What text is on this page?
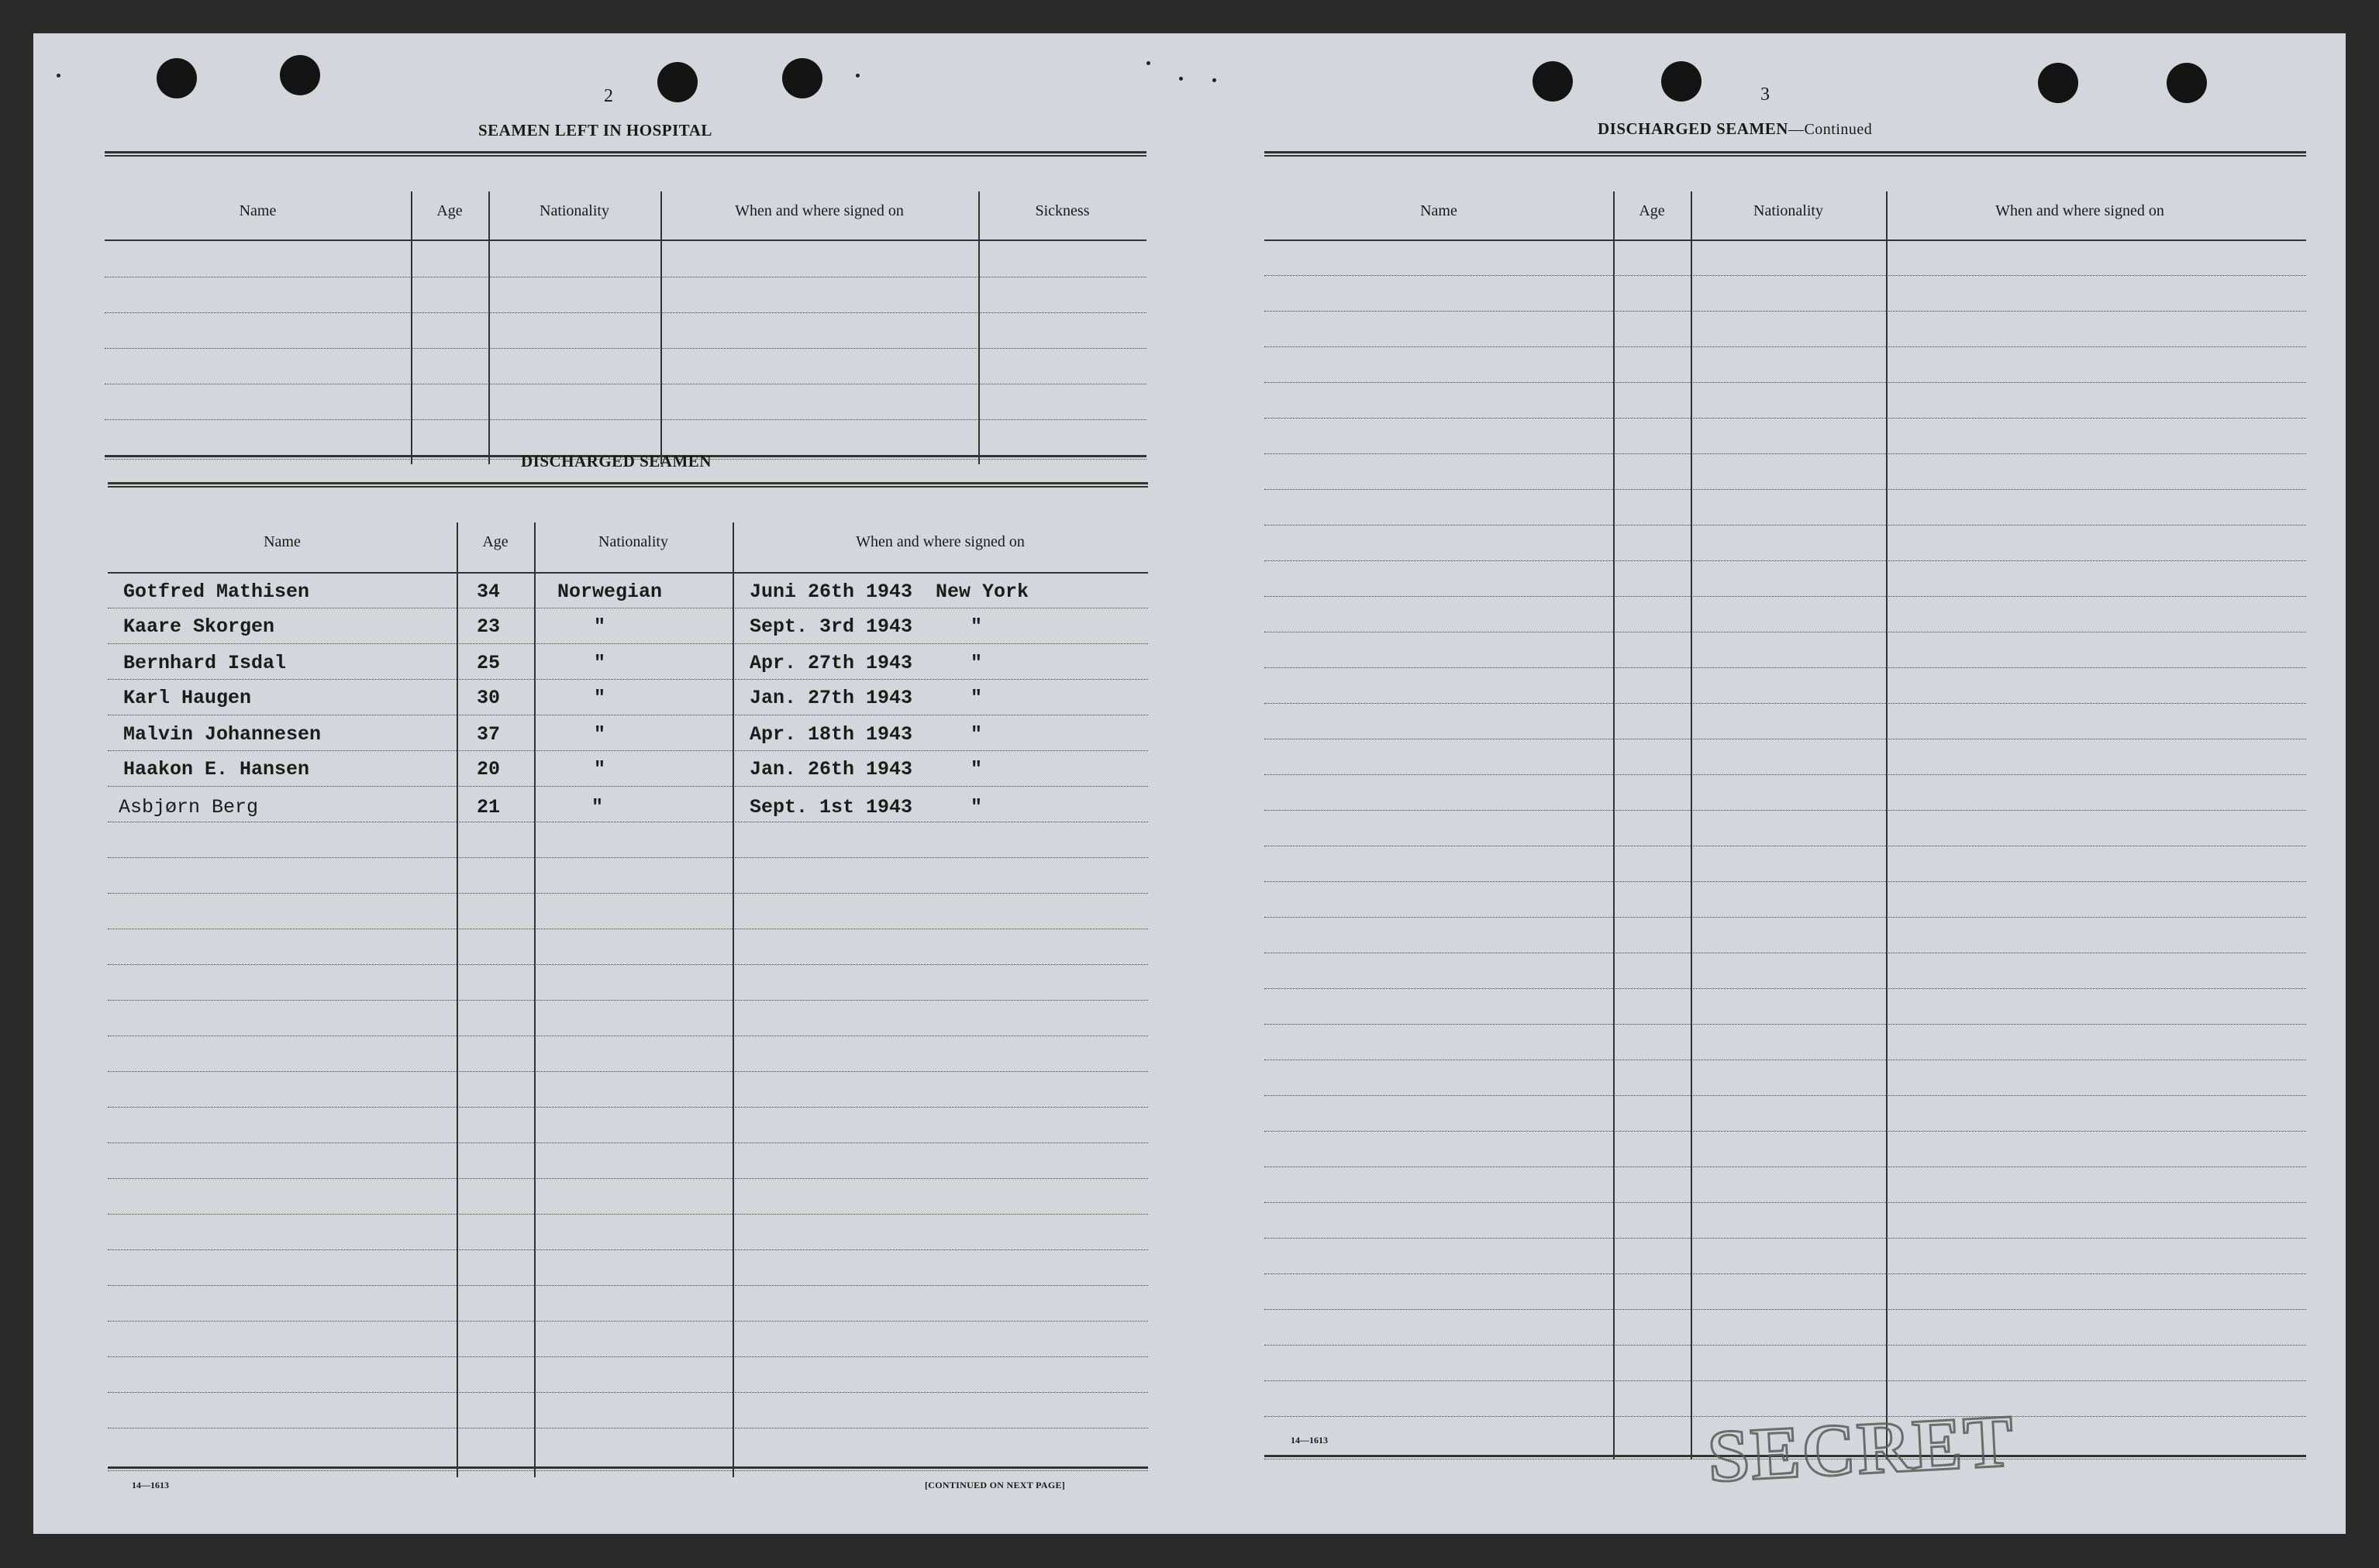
2
SEAMEN LEFT IN HOSPITAL
Name	Age	Nationality	When and where signed on	Sickness
DISCHARGED SEAMEN
Name	Age	Nationality	When and where signed on
Gotfred Mathisen	34	Norwegian	Juni 26th 1943  New York
Kaare Skorgen	23	"	Sept. 3rd 1943     "
Bernhard Isdal	25	"	Apr. 27th 1943     "
Karl Haugen	30	"	Jan. 27th 1943     "
Malvin Johannesen	37	"	Apr. 18th 1943     "
Haakon E. Hansen	20	"	Jan. 26th 1943     "
Asbjørn Berg	21	"	Sept. 1st 1943     "
14—1613	[CONTINUED ON NEXT PAGE]
3
DISCHARGED SEAMEN—Continued
Name	Age	Nationality	When and where signed on
14—1613	SECRET
